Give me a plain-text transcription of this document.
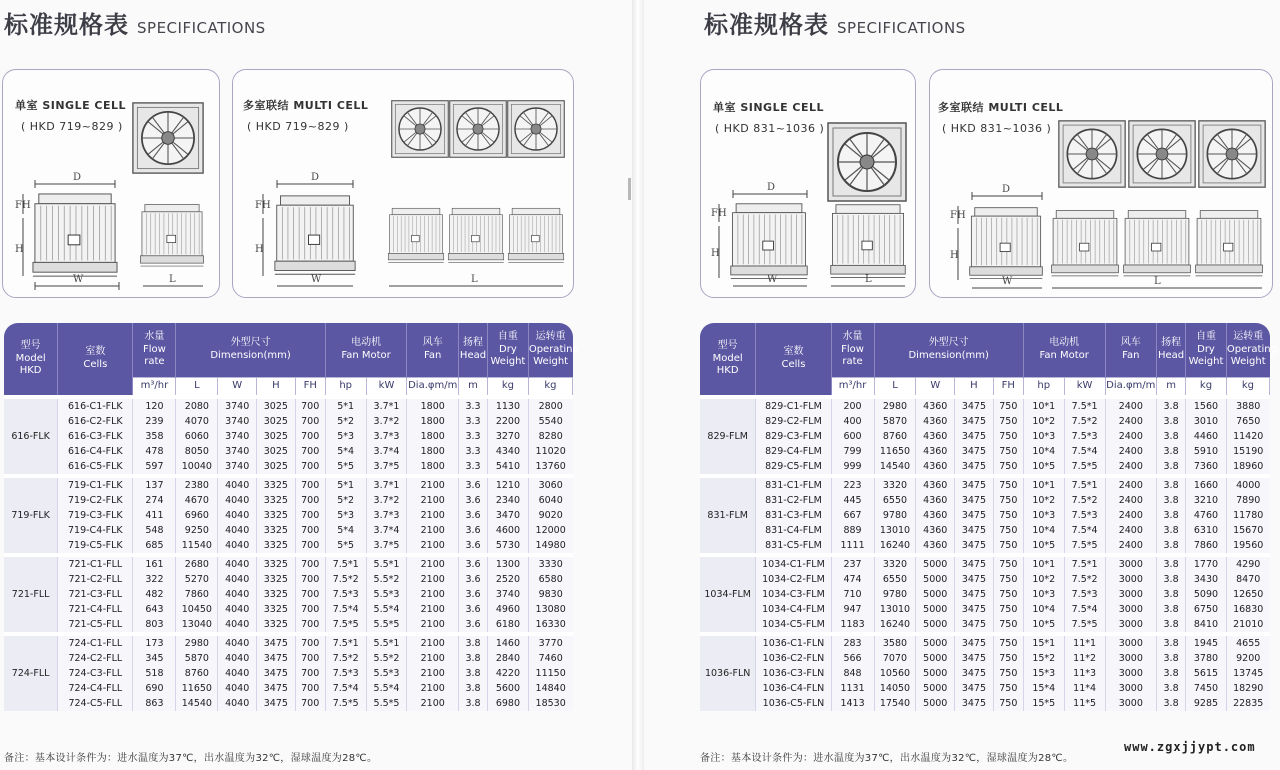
标准规格表 SPECIFICATIONS
单室 SINGLE CELL
( HKD 719~829 )
D
FH
H
W	L
多室联结 MULTI CELL
( HKD 719~829 )
D
FH
H
W	L
型号
Model
HKD	室数
Cells	水量
Flow
rate	外型尺寸
Dimension(mm)				电动机
Fan Motor		风车
Fan	扬程
Head	自重
Dry
Weight	运转重
Operating
Weight
		m³/hr	L	W	H	FH	hp	kW	Dia.φm/m	m	kg	kg
616-FLK	616-C1-FLK	120	2080	3740	3025	700	5*1	3.7*1	1800	3.3	1130	2800
	616-C2-FLK	239	4070	3740	3025	700	5*2	3.7*2	1800	3.3	2200	5540
	616-C3-FLK	358	6060	3740	3025	700	5*3	3.7*3	1800	3.3	3270	8280
	616-C4-FLK	478	8050	3740	3025	700	5*4	3.7*4	1800	3.3	4340	11020
	616-C5-FLK	597	10040	3740	3025	700	5*5	3.7*5	1800	3.3	5410	13760
719-FLK	719-C1-FLK	137	2380	4040	3325	700	5*1	3.7*1	2100	3.6	1210	3060
	719-C2-FLK	274	4670	4040	3325	700	5*2	3.7*2	2100	3.6	2340	6040
	719-C3-FLK	411	6960	4040	3325	700	5*3	3.7*3	2100	3.6	3470	9020
	719-C4-FLK	548	9250	4040	3325	700	5*4	3.7*4	2100	3.6	4600	12000
	719-C5-FLK	685	11540	4040	3325	700	5*5	3.7*5	2100	3.6	5730	14980
721-FLL	721-C1-FLL	161	2680	4040	3325	700	7.5*1	5.5*1	2100	3.6	1300	3330
	721-C2-FLL	322	5270	4040	3325	700	7.5*2	5.5*2	2100	3.6	2520	6580
	721-C3-FLL	482	7860	4040	3325	700	7.5*3	5.5*3	2100	3.6	3740	9830
	721-C4-FLL	643	10450	4040	3325	700	7.5*4	5.5*4	2100	3.6	4960	13080
	721-C5-FLL	803	13040	4040	3325	700	7.5*5	5.5*5	2100	3.6	6180	16330
724-FLL	724-C1-FLL	173	2980	4040	3475	700	7.5*1	5.5*1	2100	3.8	1460	3770
	724-C2-FLL	345	5870	4040	3475	700	7.5*2	5.5*2	2100	3.8	2840	7460
	724-C3-FLL	518	8760	4040	3475	700	7.5*3	5.5*3	2100	3.8	4220	11150
	724-C4-FLL	690	11650	4040	3475	700	7.5*4	5.5*4	2100	3.8	5600	14840
	724-C5-FLL	863	14540	4040	3475	700	7.5*5	5.5*5	2100	3.8	6980	18530
备注：基本设计条件为：进水温度为37℃，出水温度为32℃，湿球温度为28℃。
标准规格表 SPECIFICATIONS
单室 SINGLE CELL
( HKD 831~1036 )
D
FH
H
W	L
多室联结 MULTI CELL
( HKD 831~1036 )
D
FH
H
W	L
型号
Model
HKD	室数
Cells	水量
Flow
rate	外型尺寸
Dimension(mm)				电动机
Fan Motor		风车
Fan	扬程
Head	自重
Dry
Weight	运转重
Operating
Weight
		m³/hr	L	W	H	FH	hp	kW	Dia.φm/m	m	kg	kg
829-FLM	829-C1-FLM	200	2980	4360	3475	750	10*1	7.5*1	2400	3.8	1560	3880
	829-C2-FLM	400	5870	4360	3475	750	10*2	7.5*2	2400	3.8	3010	7650
	829-C3-FLM	600	8760	4360	3475	750	10*3	7.5*3	2400	3.8	4460	11420
	829-C4-FLM	799	11650	4360	3475	750	10*4	7.5*4	2400	3.8	5910	15190
	829-C5-FLM	999	14540	4360	3475	750	10*5	7.5*5	2400	3.8	7360	18960
831-FLM	831-C1-FLM	223	3320	4360	3475	750	10*1	7.5*1	2400	3.8	1660	4000
	831-C2-FLM	445	6550	4360	3475	750	10*2	7.5*2	2400	3.8	3210	7890
	831-C3-FLM	667	9780	4360	3475	750	10*3	7.5*3	2400	3.8	4760	11780
	831-C4-FLM	889	13010	4360	3475	750	10*4	7.5*4	2400	3.8	6310	15670
	831-C5-FLM	1111	16240	4360	3475	750	10*5	7.5*5	2400	3.8	7860	19560
1034-FLM	1034-C1-FLM	237	3320	5000	3475	750	10*1	7.5*1	3000	3.8	1770	4290
	1034-C2-FLM	474	6550	5000	3475	750	10*2	7.5*2	3000	3.8	3430	8470
	1034-C3-FLM	710	9780	5000	3475	750	10*3	7.5*3	3000	3.8	5090	12650
	1034-C4-FLM	947	13010	5000	3475	750	10*4	7.5*4	3000	3.8	6750	16830
	1034-C5-FLM	1183	16240	5000	3475	750	10*5	7.5*5	3000	3.8	8410	21010
1036-FLN	1036-C1-FLN	283	3580	5000	3475	750	15*1	11*1	3000	3.8	1945	4655
	1036-C2-FLN	566	7070	5000	3475	750	15*2	11*2	3000	3.8	3780	9200
	1036-C3-FLN	848	10560	5000	3475	750	15*3	11*3	3000	3.8	5615	13745
	1036-C4-FLN	1131	14050	5000	3475	750	15*4	11*4	3000	3.8	7450	18290
	1036-C5-FLN	1413	17540	5000	3475	750	15*5	11*5	3000	3.8	9285	22835
备注：基本设计条件为：进水温度为37℃，出水温度为32℃，湿球温度为28℃。
www.zgxjjypt.com
